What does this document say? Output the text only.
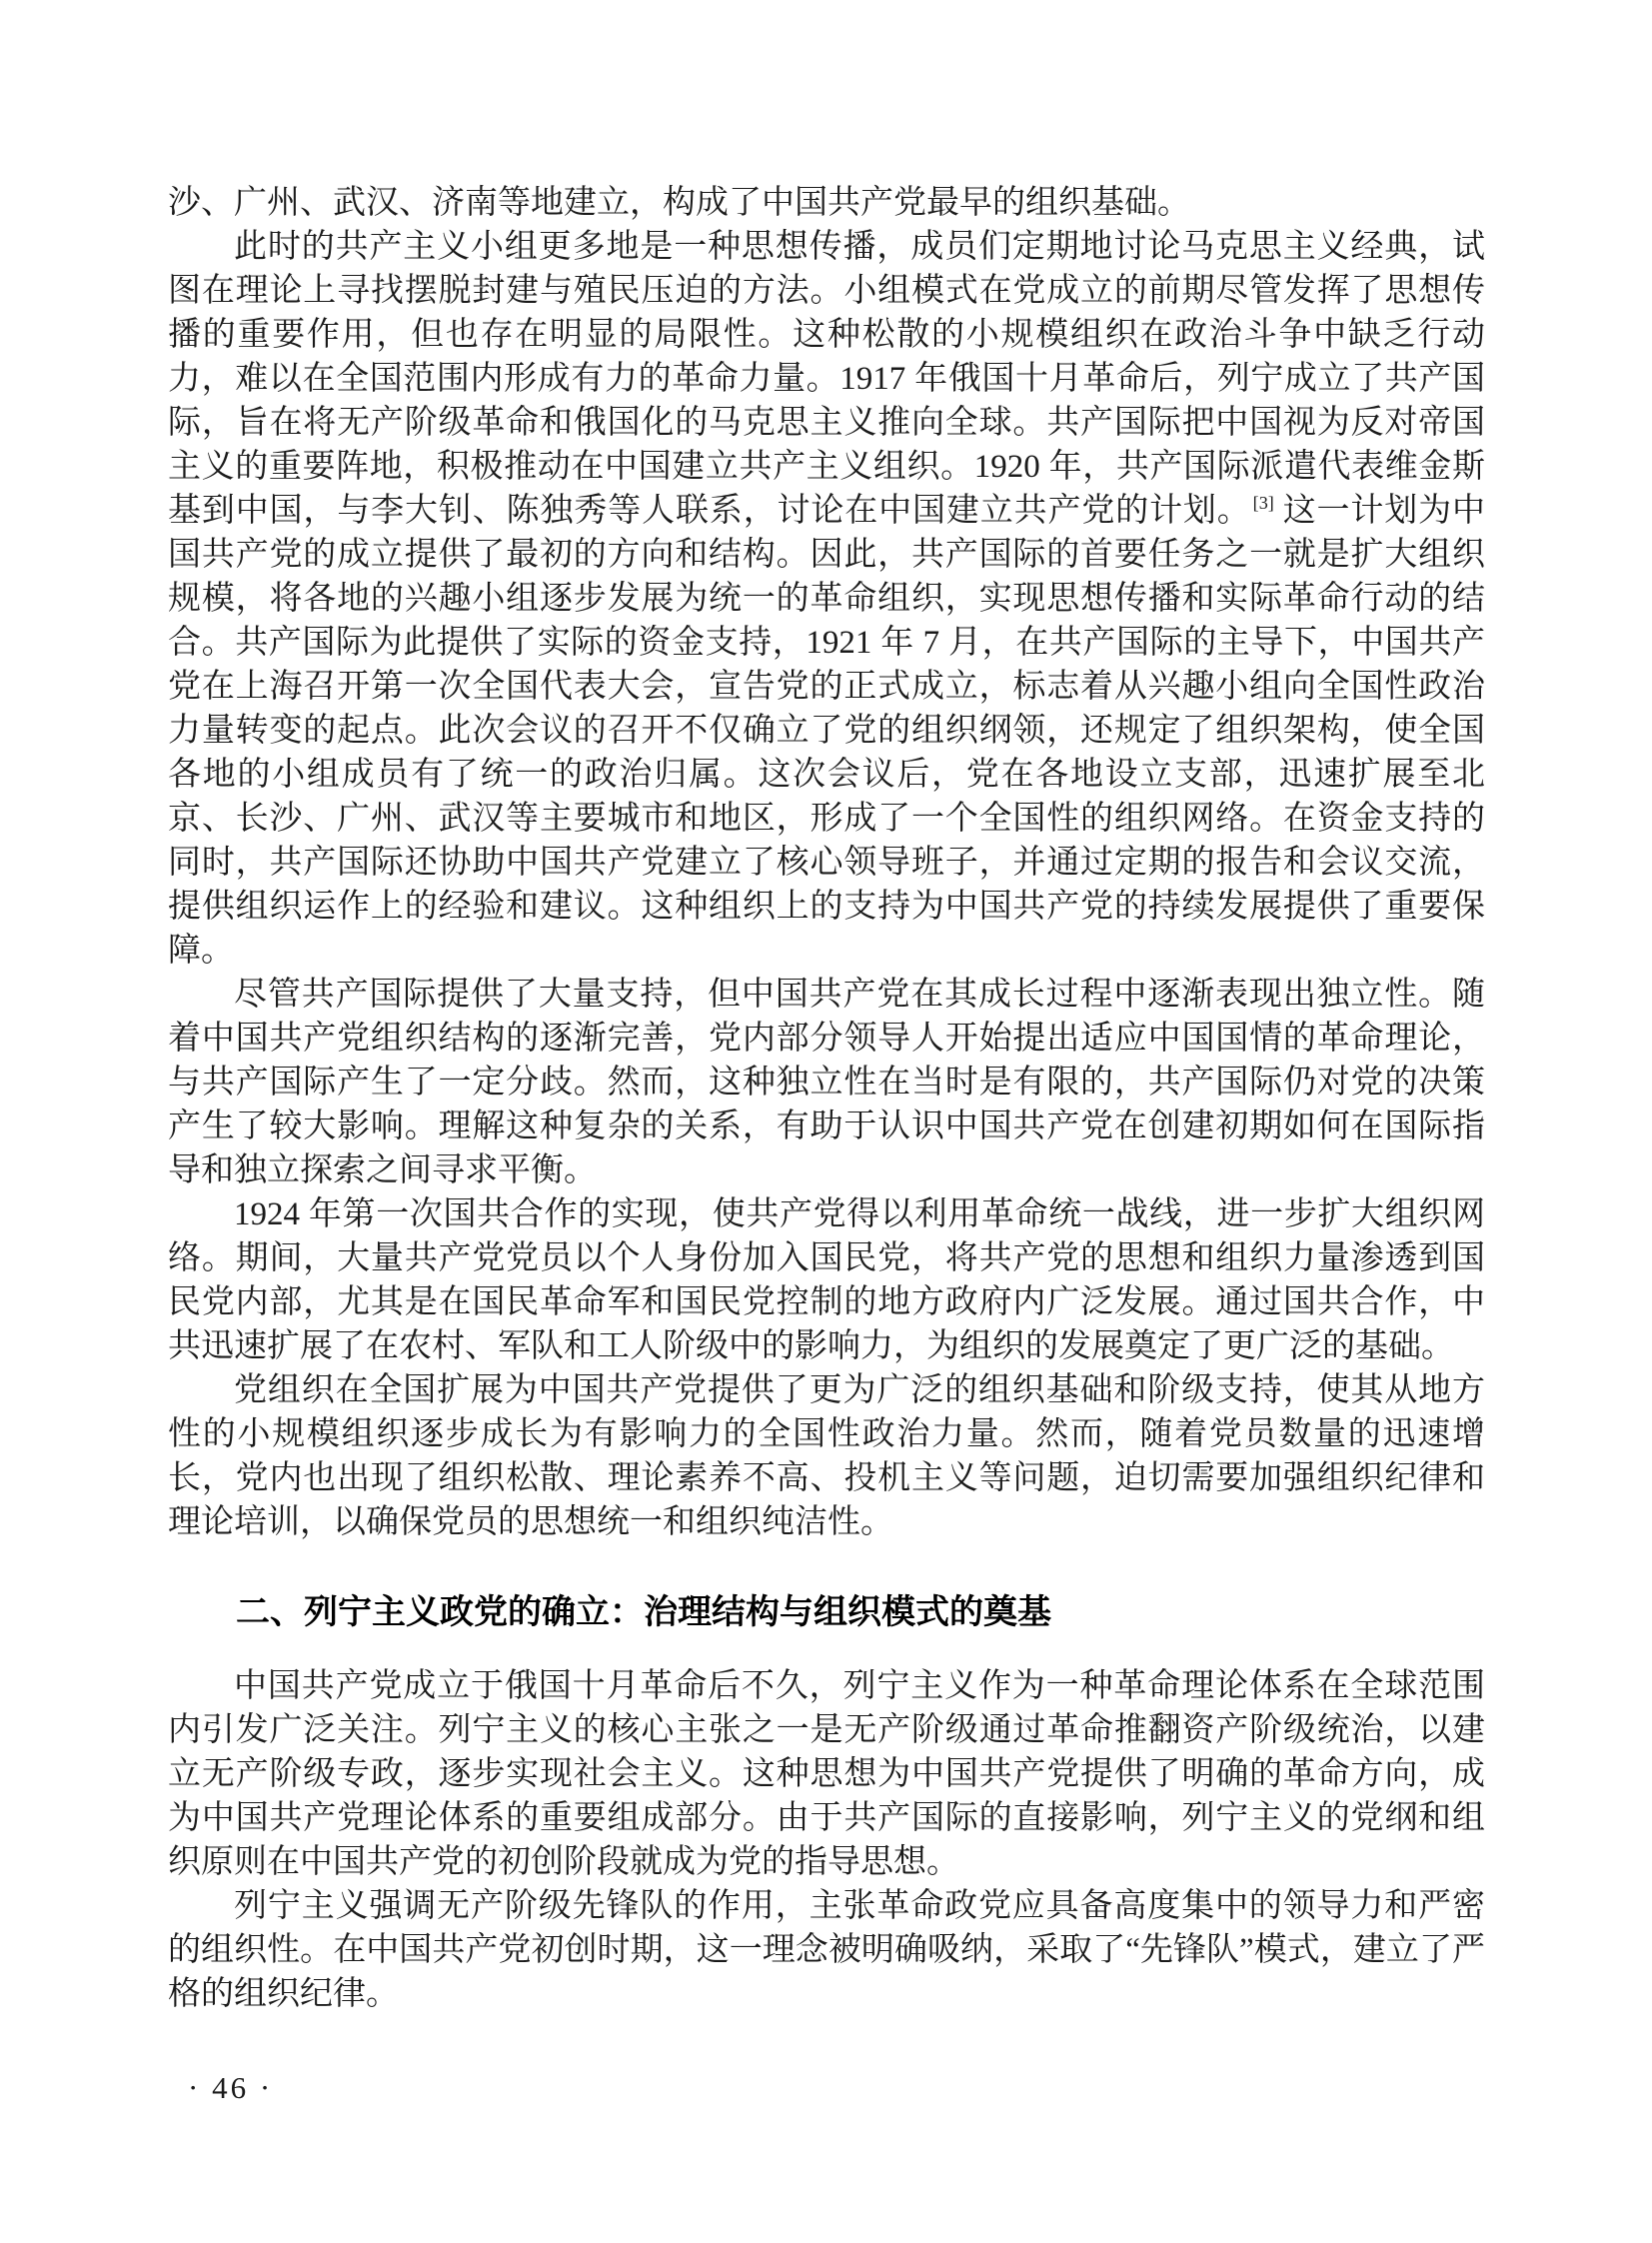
沙、广州、武汉、济南等地建立，构成了中国共产党最早的组织基础。

此时的共产主义小组更多地是一种思想传播，成员们定期地讨论马克思主义经典，试图在理论上寻找摆脱封建与殖民压迫的方法。小组模式在党成立的前期尽管发挥了思想传播的重要作用，但也存在明显的局限性。这种松散的小规模组织在政治斗争中缺乏行动力，难以在全国范围内形成有力的革命力量。1917 年俄国十月革命后，列宁成立了共产国际，旨在将无产阶级革命和俄国化的马克思主义推向全球。共产国际把中国视为反对帝国主义的重要阵地，积极推动在中国建立共产主义组织。1920 年，共产国际派遣代表维金斯基到中国，与李大钊、陈独秀等人联系，讨论在中国建立共产党的计划。 [3] 这一计划为中国共产党的成立提供了最初的方向和结构。因此，共产国际的首要任务之一就是扩大组织规模，将各地的兴趣小组逐步发展为统一的革命组织，实现思想传播和实际革命行动的结合。共产国际为此提供了实际的资金支持，1921 年 7 月，在共产国际的主导下，中国共产党在上海召开第一次全国代表大会，宣告党的正式成立，标志着从兴趣小组向全国性政治力量转变的起点。此次会议的召开不仅确立了党的组织纲领，还规定了组织架构，使全国各地的小组成员有了统一的政治归属。这次会议后，党在各地设立支部，迅速扩展至北京、长沙、广州、武汉等主要城市和地区，形成了一个全国性的组织网络。在资金支持的同时，共产国际还协助中国共产党建立了核心领导班子，并通过定期的报告和会议交流，提供组织运作上的经验和建议。这种组织上的支持为中国共产党的持续发展提供了重要保障。

尽管共产国际提供了大量支持，但中国共产党在其成长过程中逐渐表现出独立性。随着中国共产党组织结构的逐渐完善，党内部分领导人开始提出适应中国国情的革命理论，与共产国际产生了一定分歧。然而，这种独立性在当时是有限的，共产国际仍对党的决策产生了较大影响。理解这种复杂的关系，有助于认识中国共产党在创建初期如何在国际指导和独立探索之间寻求平衡。

1924 年第一次国共合作的实现，使共产党得以利用革命统一战线，进一步扩大组织网络。期间，大量共产党党员以个人身份加入国民党，将共产党的思想和组织力量渗透到国民党内部，尤其是在国民革命军和国民党控制的地方政府内广泛发展。通过国共合作，中共迅速扩展了在农村、军队和工人阶级中的影响力，为组织的发展奠定了更广泛的基础。

党组织在全国扩展为中国共产党提供了更为广泛的组织基础和阶级支持，使其从地方性的小规模组织逐步成长为有影响力的全国性政治力量。然而，随着党员数量的迅速增长，党内也出现了组织松散、理论素养不高、投机主义等问题，迫切需要加强组织纪律和理论培训，以确保党员的思想统一和组织纯洁性。

二、列宁主义政党的确立：治理结构与组织模式的奠基

中国共产党成立于俄国十月革命后不久，列宁主义作为一种革命理论体系在全球范围内引发广泛关注。列宁主义的核心主张之一是无产阶级通过革命推翻资产阶级统治，以建立无产阶级专政，逐步实现社会主义。这种思想为中国共产党提供了明确的革命方向，成为中国共产党理论体系的重要组成部分。由于共产国际的直接影响，列宁主义的党纲和组织原则在中国共产党的初创阶段就成为党的指导思想。

列宁主义强调无产阶级先锋队的作用，主张革命政党应具备高度集中的领导力和严密的组织性。在中国共产党初创时期，这一理念被明确吸纳，采取了“先锋队”模式，建立了严格的组织纪律。

· 46 ·
